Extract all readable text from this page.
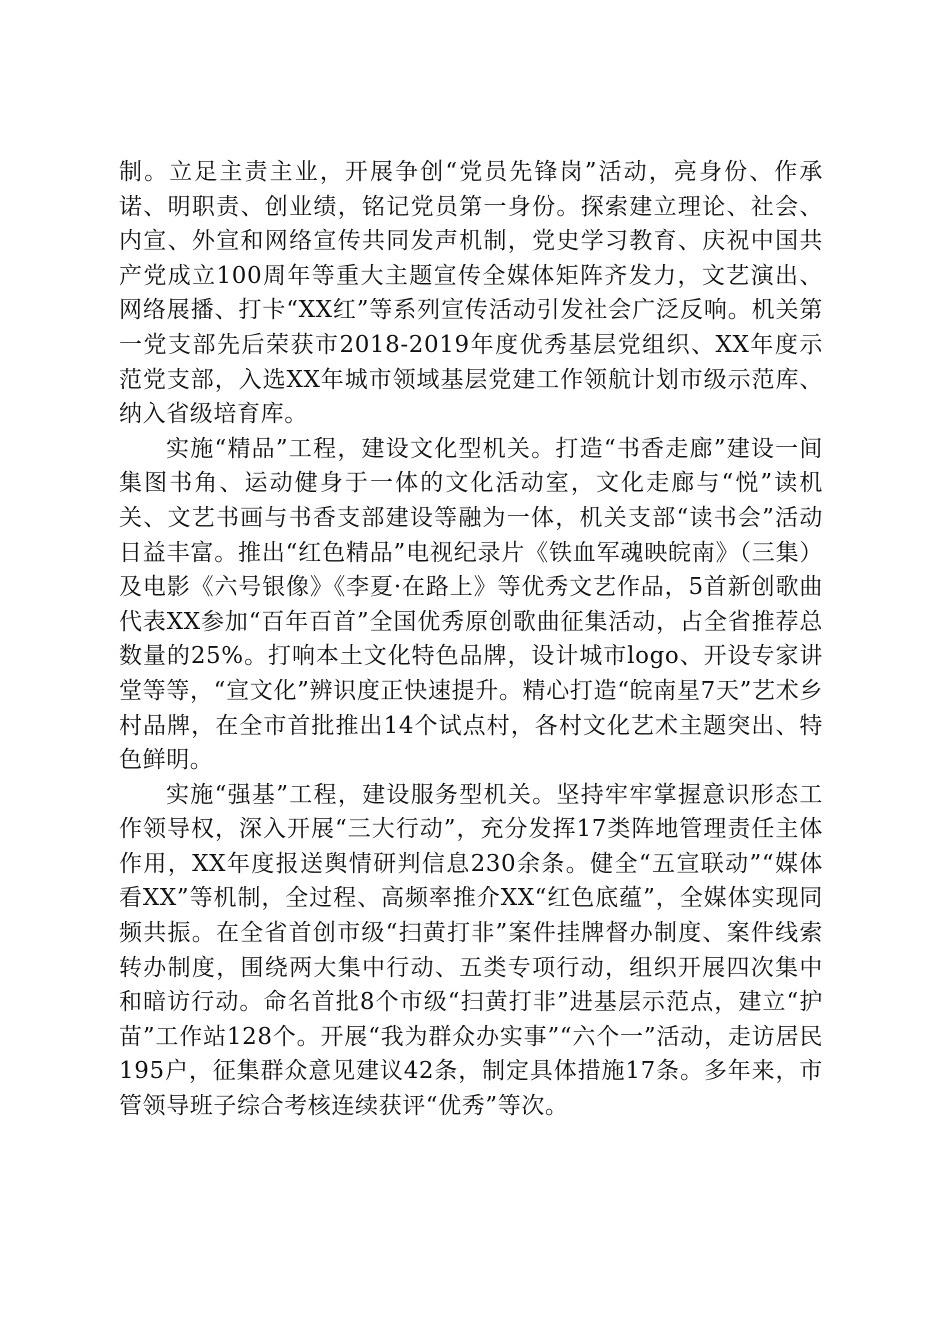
制。立足主责主业，开展争创“党员先锋岗”活动，亮身份、作承诺、明职责、创业绩，铭记党员第一身份。探索建立理论、社会、内宣、外宣和网络宣传共同发声机制，党史学习教育、庆祝中国共产党成立100周年等重大主题宣传全媒体矩阵齐发力，文艺演出、网络展播、打卡“XX红”等系列宣传活动引发社会广泛反响。机关第一党支部先后荣获市2018-2019年度优秀基层党组织、XX年度示范党支部，入选XX年城市领域基层党建工作领航计划市级示范库、纳入省级培育库。

实施“精品”工程，建设文化型机关。打造“书香走廊”建设一间集图书角、运动健身于一体的文化活动室，文化走廊与“悦”读机关、文艺书画与书香支部建设等融为一体，机关支部“读书会”活动日益丰富。推出“红色精品”电视纪录片《铁血军魂映皖南》（三集）及电影《六号银像》《李夏·在路上》等优秀文艺作品，5首新创歌曲代表XX参加“百年百首”全国优秀原创歌曲征集活动，占全省推荐总数量的25%。打响本土文化特色品牌，设计城市logo、开设专家讲堂等等，“宣文化”辨识度正快速提升。精心打造“皖南星7天”艺术乡村品牌，在全市首批推出14个试点村，各村文化艺术主题突出、特色鲜明。

实施“强基”工程，建设服务型机关。坚持牢牢掌握意识形态工作领导权，深入开展“三大行动”，充分发挥17类阵地管理责任主体作用，XX年度报送舆情研判信息230余条。健全“五宣联动”“媒体看XX”等机制，全过程、高频率推介XX“红色底蕴”，全媒体实现同频共振。在全省首创市级“扫黄打非”案件挂牌督办制度、案件线索转办制度，围绕两大集中行动、五类专项行动，组织开展四次集中和暗访行动。命名首批8个市级“扫黄打非”进基层示范点，建立“护苗”工作站128个。开展“我为群众办实事”“六个一”活动，走访居民195户，征集群众意见建议42条，制定具体措施17条。多年来，市管领导班子综合考核连续获评“优秀”等次。
